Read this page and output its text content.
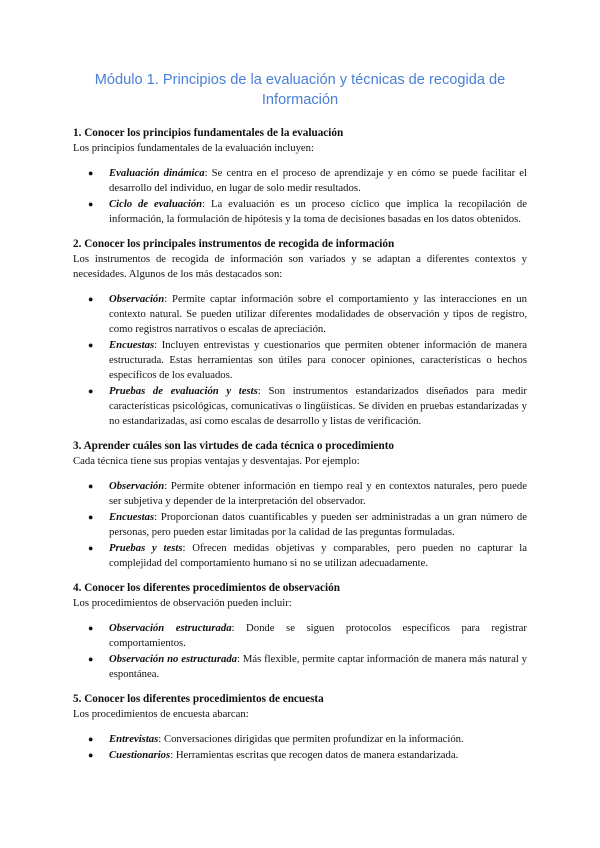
Módulo 1. Principios de la evaluación y técnicas de recogida de Información
1. Conocer los principios fundamentales de la evaluación

Los principios fundamentales de la evaluación incluyen:

● Evaluación dinámica: Se centra en el proceso de aprendizaje y en cómo se puede facilitar el desarrollo del individuo, en lugar de solo medir resultados.
● Ciclo de evaluación: La evaluación es un proceso cíclico que implica la recopilación de información, la formulación de hipótesis y la toma de decisiones basadas en los datos obtenidos.
2. Conocer los principales instrumentos de recogida de información

Los instrumentos de recogida de información son variados y se adaptan a diferentes contextos y necesidades. Algunos de los más destacados son:

● Observación: Permite captar información sobre el comportamiento y las interacciones en un contexto natural. Se pueden utilizar diferentes modalidades de observación y tipos de registro, como registros narrativos o escalas de apreciación.
● Encuestas: Incluyen entrevistas y cuestionarios que permiten obtener información de manera estructurada. Estas herramientas son útiles para conocer opiniones, características o hechos específicos de los evaluados.
● Pruebas de evaluación y tests: Son instrumentos estandarizados diseñados para medir características psicológicas, comunicativas o lingüísticas. Se dividen en pruebas estandarizadas y no estandarizadas, así como escalas de desarrollo y listas de verificación.
3. Aprender cuáles son las virtudes de cada técnica o procedimiento

Cada técnica tiene sus propias ventajas y desventajas. Por ejemplo:

● Observación: Permite obtener información en tiempo real y en contextos naturales, pero puede ser subjetiva y depender de la interpretación del observador.
● Encuestas: Proporcionan datos cuantificables y pueden ser administradas a un gran número de personas, pero pueden estar limitadas por la calidad de las preguntas formuladas.
● Pruebas y tests: Ofrecen medidas objetivas y comparables, pero pueden no capturar la complejidad del comportamiento humano si no se utilizan adecuadamente.
4. Conocer los diferentes procedimientos de observación

Los procedimientos de observación pueden incluir:

● Observación estructurada: Donde se siguen protocolos específicos para registrar comportamientos.
● Observación no estructurada: Más flexible, permite captar información de manera más natural y espontánea.
5. Conocer los diferentes procedimientos de encuesta

Los procedimientos de encuesta abarcan:

● Entrevistas: Conversaciones dirigidas que permiten profundizar en la información.
● Cuestionarios: Herramientas escritas que recogen datos de manera estandarizada.
